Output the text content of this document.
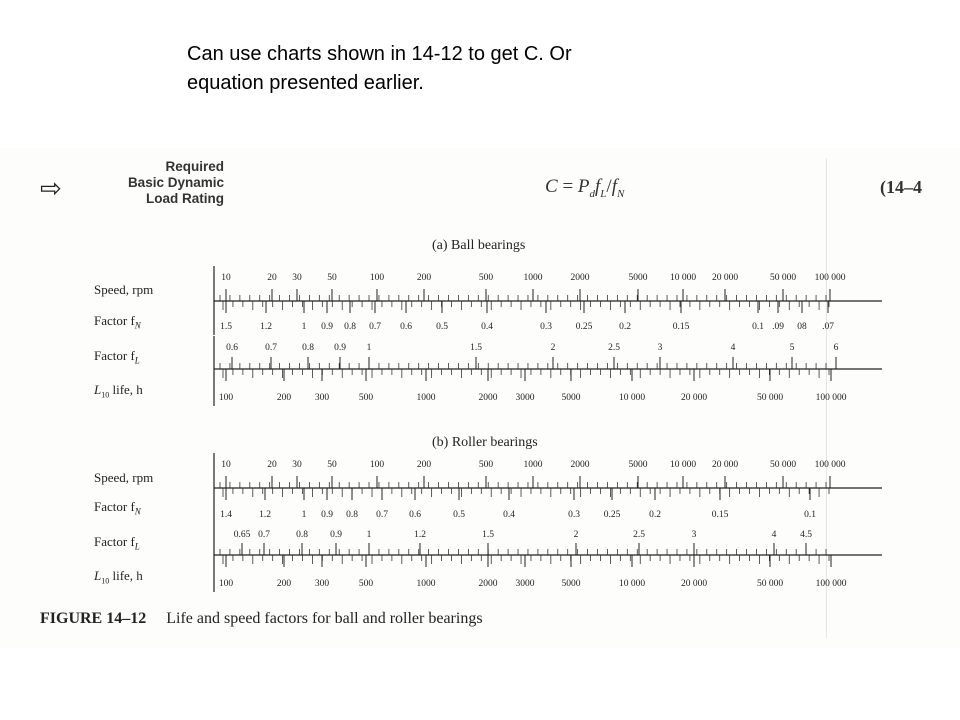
Can use charts shown in 14-12 to get C. Or
equation presented earlier.
⇨
Required
Basic Dynamic
Load Rating
$C = P_df_L/f_N$	(14–4
(a) Ball bearings
(b) Roller bearings
Speed, rpm
Factor $f_N$
Factor $f_L$
$L_{10}$ life, h
Speed, rpm
Factor $f_N$
Factor $f_L$
$L_{10}$ life, h
10	20 30	50	100	200	500	1000	2000	5000 10 000 20 000	50 000 100 000
1.5	1.2	1 0.9 0.8 0.7 0.6	0.5	0.4	0.3	0.25	0.2	0.15	0.1 .09 08 .07
0.6	0.7	0.8 0.9 1	1.5	2	2.5	3	4	5	6
100	200	300	500	1000	2000 3000	5000	10 000	20 000	50 000	100 000
10	20 30	50	100	200	500	1000	2000	5000 10 000 20 000	50 000 100 000
1.4	1.2	1 0.9 0.8 0.7 0.6	0.5	0.4	0.3	0.25	0.2	0.15	0.1
0.65 0.7	0.8 0.9	1	1.2	1.5	2	2.5	3	4 4.5
100	200	300	500	1000	2000 3000	5000	10 000	20 000	50 000	100 000
FIGURE 14–12 Life and speed factors for ball and roller bearings
